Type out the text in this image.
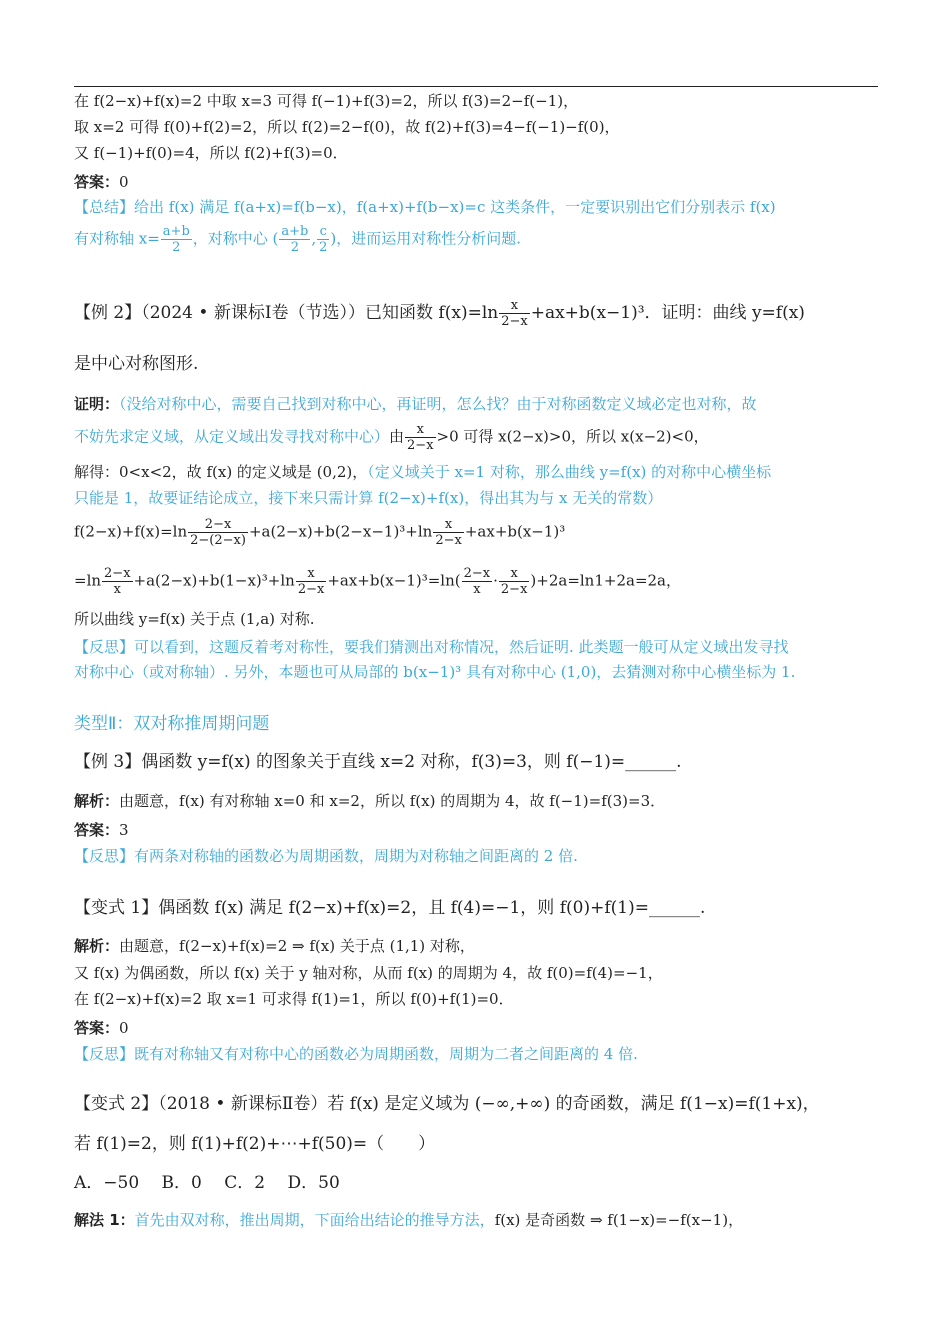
在 f(2−x)+f(x)=2 中取 x=3 可得 f(−1)+f(3)=2，所以 f(3)=2−f(−1)，
取 x=2 可得 f(0)+f(2)=2，所以 f(2)=2−f(0)，故 f(2)+f(3)=4−f(−1)−f(0)，
又 f(−1)+f(0)=4，所以 f(2)+f(3)=0．
答案：0
【总结】给出 f(x) 满足 f(a+x)=f(b−x)，f(a+x)+f(b−x)=c 这类条件，一定要识别出它们分别表示 f(x)
有对称轴 $x= \frac{a+b}{2}$ ，对称中心 ( $\frac{a+b}{2}$ , $\frac{c}{2}$ )，进而运用对称性分析问题.
【例 2】（2024 • 新课标Ⅰ卷（节选））已知函数 $f(x)=\ln \frac{x}{2-x} +ax+b(x-1)^3$．证明：曲线 y=f(x)
是中心对称图形.
证明：（没给对称中心，需要自己找到对称中心，再证明，怎么找？由于对称函数定义域必定也对称，故
不妨先求定义域，从定义域出发寻找对称中心）由 $\frac{x}{2-x} >0$ 可得 x(2−x)>0，所以 x(x−2)<0，
解得：0<x<2，故 f(x) 的定义域是 (0,2)，（定义域关于 x=1 对称，那么曲线 y=f(x) 的对称中心横坐标
只能是 1，故要证结论成立，接下来只需计算 f(2−x)+f(x)，得出其为与 x 无关的常数）
$f(2-x)+f(x)=\ln \frac{2-x}{2-(2-x)} +a(2-x)+b(2-x-1)^3+\ln \frac{x}{2-x} +ax+b(x-1)^3$
$=\ln \frac{2-x}{x} +a(2-x)+b(1-x)^3+\ln \frac{x}{2-x} +ax+b(x-1)^3=\ln( \frac{2-x}{x} \cdot \frac{x}{2-x} )+2a=\ln 1+2a=2a$，
所以曲线 y=f(x) 关于点 (1,a) 对称.
【反思】可以看到，这题反着考对称性，要我们猜测出对称情况，然后证明. 此类题一般可从定义域出发寻找
对称中心（或对称轴）. 另外，本题也可从局部的 b(x−1)³ 具有对称中心 (1,0)，去猜测对称中心横坐标为 1.
类型Ⅱ：双对称推周期问题
【例 3】偶函数 y=f(x) 的图象关于直线 x=2 对称，f(3)=3，则 f(−1)=______.
解析：由题意，f(x) 有对称轴 x=0 和 x=2，所以 f(x) 的周期为 4，故 f(−1)=f(3)=3．
答案：3
【反思】有两条对称轴的函数必为周期函数，周期为对称轴之间距离的 2 倍.
【变式 1】偶函数 f(x) 满足 f(2−x)+f(x)=2，且 f(4)=−1，则 f(0)+f(1)=______.
解析：由题意，f(2−x)+f(x)=2 ⇒ f(x) 关于点 (1,1) 对称，
又 f(x) 为偶函数，所以 f(x) 关于 y 轴对称，从而 f(x) 的周期为 4，故 f(0)=f(4)=−1，
在 f(2−x)+f(x)=2 取 x=1 可求得 f(1)=1，所以 f(0)+f(1)=0．
答案：0
【反思】既有对称轴又有对称中心的函数必为周期函数，周期为二者之间距离的 4 倍.
【变式 2】（2018 • 新课标Ⅱ卷）若 f(x) 是定义域为 (−∞,+∞) 的奇函数，满足 f(1−x)=f(1+x)，
若 f(1)=2，则 f(1)+f(2)+⋯+f(50)=（　　）
A．−50　 B．0　 C．2　 D．50
解法 1：首先由双对称，推出周期，下面给出结论的推导方法，f(x) 是奇函数 ⇒ f(1−x)=−f(x−1)，
